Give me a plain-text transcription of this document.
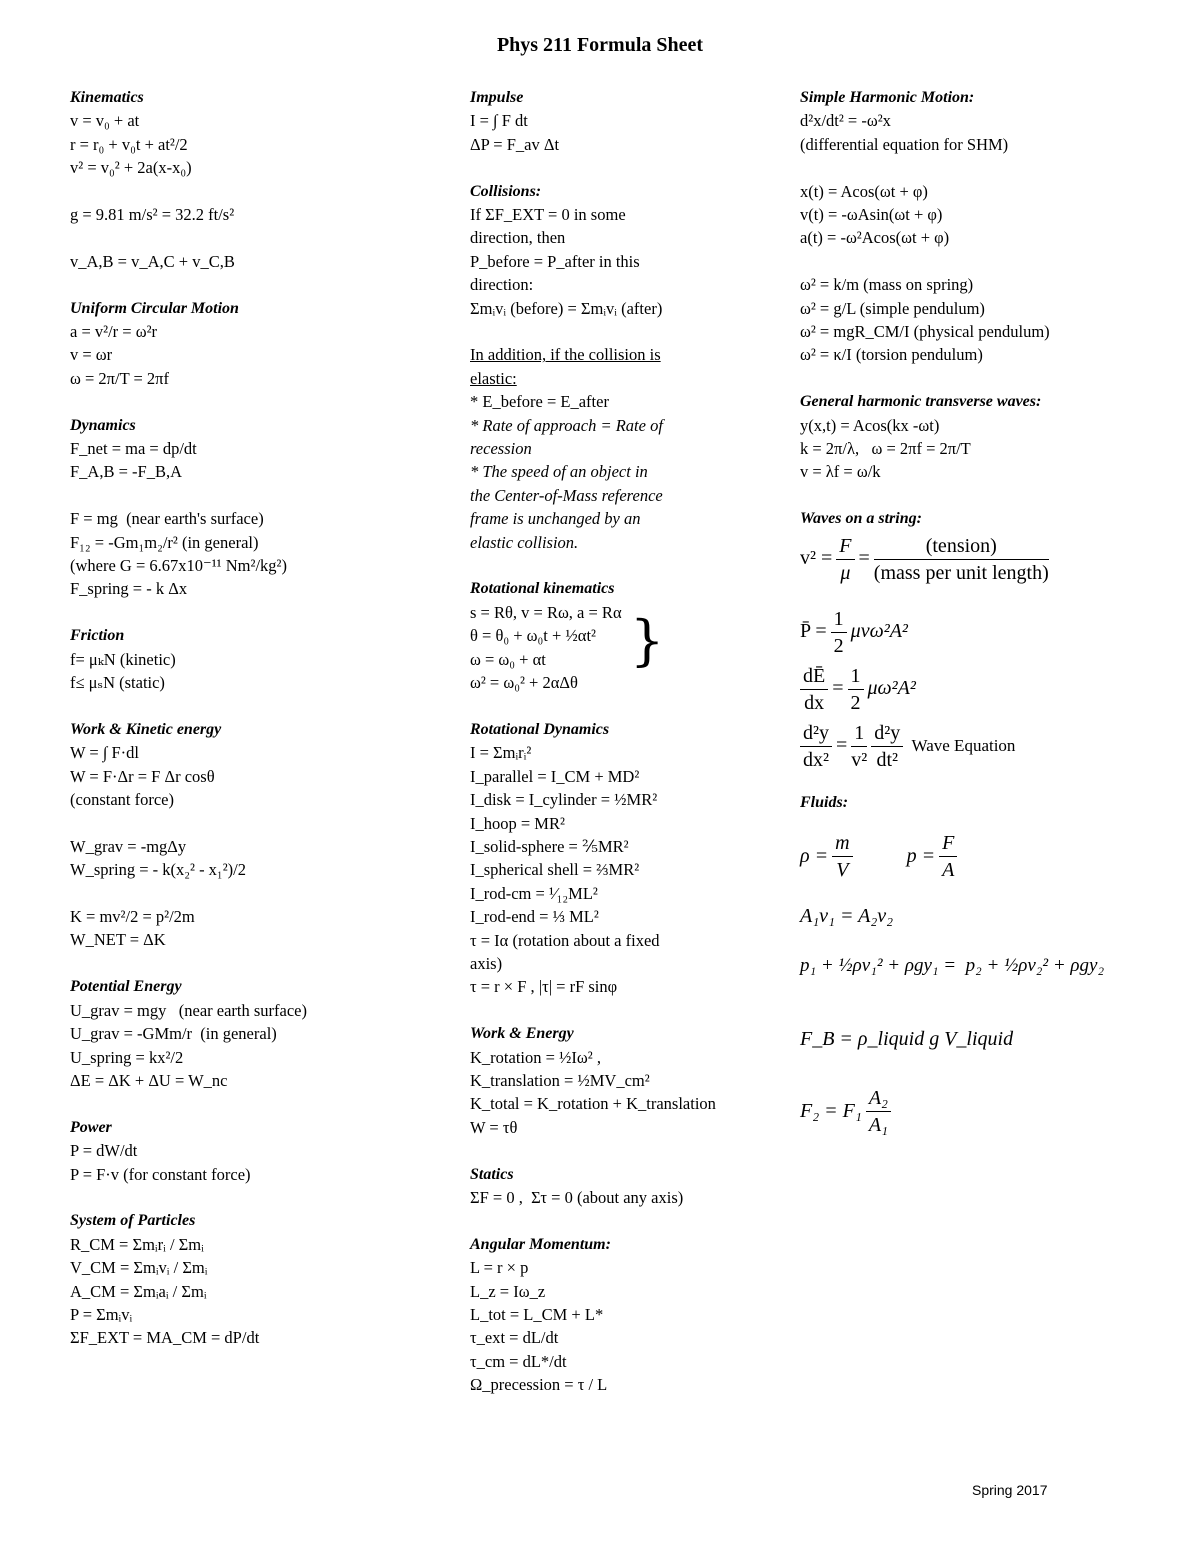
Phys 211 Formula Sheet
Kinematics
v = v₀ + at
r = r₀ + v₀t + at²/2
v² = v₀² + 2a(x-x₀)
g = 9.81 m/s² = 32.2 ft/s²
v_A,B = v_A,C + v_C,B
Uniform Circular Motion
a = v²/r = ω²r
v = ωr
ω = 2π/T = 2πf
Dynamics
F_net = ma = dp/dt
F_A,B = -F_B,A
F = mg  (near earth's surface)
F₁₂ = -Gm₁m₂/r² (in general)
(where G = 6.67x10⁻¹¹ Nm²/kg²)
F_spring = - k Δx
Friction
f= μₖN (kinetic)
f≤ μₛN (static)
Work & Kinetic energy
W = ∫ F·dl
W = F·Δr = F Δr cosθ
(constant force)
W_grav = -mgΔy
W_spring = - k(x₂² - x₁²)/2
K = mv²/2 = p²/2m
W_NET = ΔK
Potential Energy
U_grav = mgy   (near earth surface)
U_grav = -GMm/r  (in general)
U_spring = kx²/2
ΔE = ΔK + ΔU = W_nc
Power
P = dW/dt
P = F·v (for constant force)
System of Particles
R_CM = Σmᵢrᵢ / Σmᵢ
V_CM = Σmᵢvᵢ / Σmᵢ
A_CM = Σmᵢaᵢ / Σmᵢ
P = Σmᵢvᵢ
ΣF_EXT = MA_CM = dP/dt
Impulse
I = ∫ F dt
ΔP = F_av Δt
Collisions:
If ΣF_EXT = 0 in some
direction, then
P_before = P_after in this
direction:
Σmᵢvᵢ (before) = Σmᵢvᵢ (after)
In addition, if the collision is
elastic:
* E_before = E_after
* Rate of approach = Rate of
recession
* The speed of an object in
the Center-of-Mass reference
frame is unchanged by an
elastic collision.
Rotational kinematics
s = Rθ, v = Rω, a = Rα
θ = θ₀ + ω₀t + ½αt²
ω = ω₀ + αt
ω² = ω₀² + 2αΔθ
Rotational Dynamics
I = Σmᵢrᵢ²
I_parallel = I_CM + MD²
I_disk = I_cylinder = ½MR²
I_hoop = MR²
I_solid-sphere = ⅖MR²
I_spherical shell = ⅔MR²
I_rod-cm = ¹⁄₁₂ML²
I_rod-end = ⅓ ML²
τ = Iα (rotation about a fixed
axis)
τ = r × F , |τ| = rF sinφ
Work & Energy
K_rotation = ½Iω² ,
K_translation = ½MV_cm²
K_total = K_rotation + K_translation
W = τθ
Statics
ΣF = 0 ,  Στ = 0 (about any axis)
Angular Momentum:
L = r × p
L_z = Iω_z
L_tot = L_CM + L*
τ_ext = dL/dt
τ_cm = dL*/dt
Ω_precession = τ / L
}
Simple Harmonic Motion:
d²x/dt² = -ω²x
(differential equation for SHM)
x(t) = Acos(ωt + φ)
v(t) = -ωAsin(ωt + φ)
a(t) = -ω²Acos(ωt + φ)
ω² = k/m (mass on spring)
ω² = g/L (simple pendulum)
ω² = mgR_CM/I (physical pendulum)
ω² = κ/I (torsion pendulum)
General harmonic transverse waves:
y(x,t) = Acos(kx -ωt)
k = 2π/λ,   ω = 2πf = 2π/T
v = λf = ω/k
Waves on a string:
$v^2 = \frac{F}{\mu} = \frac{\text{(tension)}}{\text{(mass per unit length)}}$
P̄ = $\frac{1}{2} \mu v\omega^2A^2$
$\frac{dĒ}{dx} = \frac{1}{2} \mu\omega^2A^2$
$\frac{\text{d²y}}{\text{dx²}} = \frac{1}{\text{v²}} \frac{\text{d²y}}{\text{dt²}}$
Wave Equation
Fluids:
$\rho = \frac{m}{V}$	$p = \frac{F}{A}$
A₁v₁ = A₂v₂
p₁ + ½ρv₁² + ρgy₁ =  p₂ + ½ρv₂² + ρgy₂
F_B = ρ_liquid g V_liquid
$F_2 = F_1 \frac{\text{A₂}}{\text{A₁}}$
Spring 2017
